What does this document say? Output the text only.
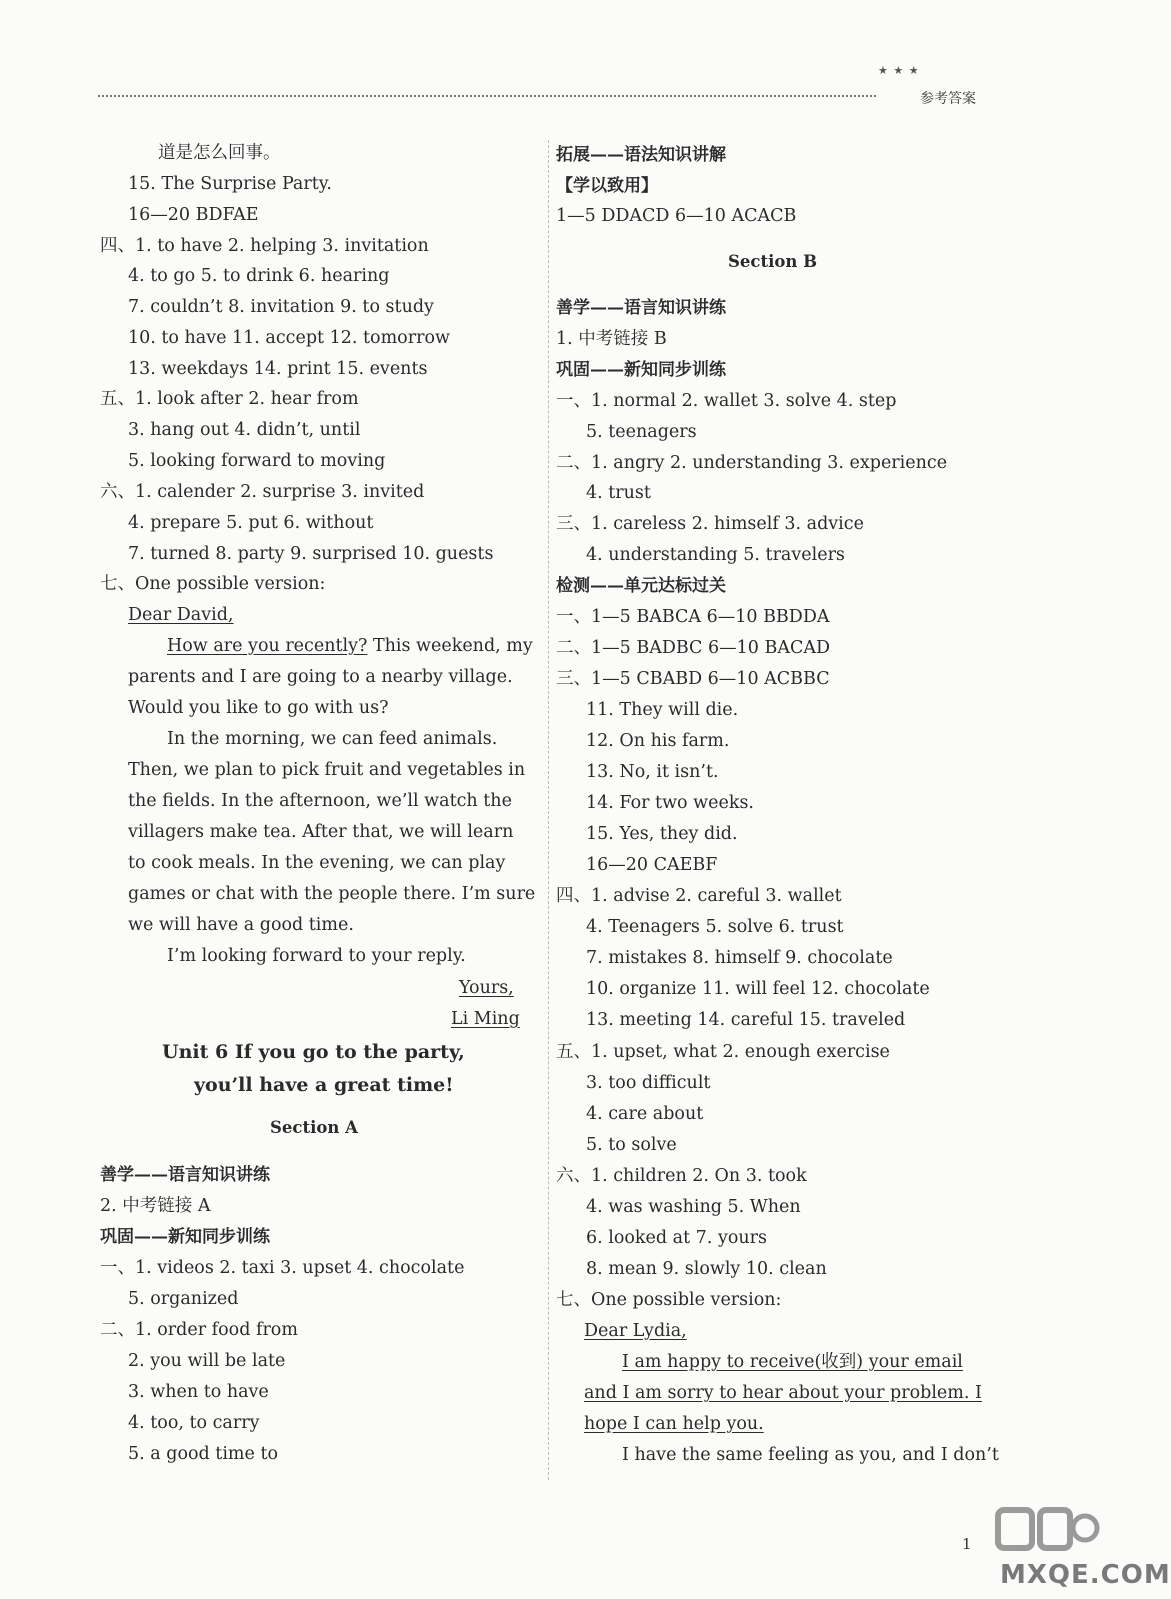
★ ★ ★
参考答案
道是怎么回事。
15. The Surprise Party.
16—20 BDFAE
四、1. to have 2. helping 3. invitation
4. to go 5. to drink 6. hearing
7. couldn’t 8. invitation 9. to study
10. to have 11. accept 12. tomorrow
13. weekdays 14. print 15. events
五、1. look after 2. hear from
3. hang out 4. didn’t, until
5. looking forward to moving
六、1. calender 2. surprise 3. invited
4. prepare 5. put 6. without
7. turned 8. party 9. surprised 10. guests
七、One possible version:
Dear David,
How are you recently? This weekend, my
parents and I are going to a nearby village.
Would you like to go with us?
In the morning, we can feed animals.
Then, we plan to pick fruit and vegetables in
the fields. In the afternoon, we’ll watch the
villagers make tea. After that, we will learn
to cook meals. In the evening, we can play
games or chat with the people there. I’m sure
we will have a good time.
I’m looking forward to your reply.
Yours,
Li Ming
Unit 6 If you go to the party,
you’ll have a great time!
Section A
善学——语言知识讲练
2. 中考链接 A
巩固——新知同步训练
一、1. videos 2. taxi 3. upset 4. chocolate
5. organized
二、1. order food from
2. you will be late
3. when to have
4. too, to carry
5. a good time to
拓展——语法知识讲解
【学以致用】
1—5 DDACD 6—10 ACACB
Section B
善学——语言知识讲练
1. 中考链接 B
巩固——新知同步训练
一、1. normal 2. wallet 3. solve 4. step
5. teenagers
二、1. angry 2. understanding 3. experience
4. trust
三、1. careless 2. himself 3. advice
4. understanding 5. travelers
检测——单元达标过关
一、1—5 BABCA 6—10 BBDDA
二、1—5 BADBC 6—10 BACAD
三、1—5 CBABD 6—10 ACBBC
11. They will die.
12. On his farm.
13. No, it isn’t.
14. For two weeks.
15. Yes, they did.
16—20 CAEBF
四、1. advise 2. careful 3. wallet
4. Teenagers 5. solve 6. trust
7. mistakes 8. himself 9. chocolate
10. organize 11. will feel 12. chocolate
13. meeting 14. careful 15. traveled
五、1. upset, what 2. enough exercise
3. too difficult
4. care about
5. to solve
六、1. children 2. On 3. took
4. was washing 5. When
6. looked at 7. yours
8. mean 9. slowly 10. clean
七、One possible version:
Dear Lydia,
I am happy to receive(收到) your email
and I am sorry to hear about your problem. I
hope I can help you.
I have the same feeling as you, and I don’t
1
MXQE.COM
